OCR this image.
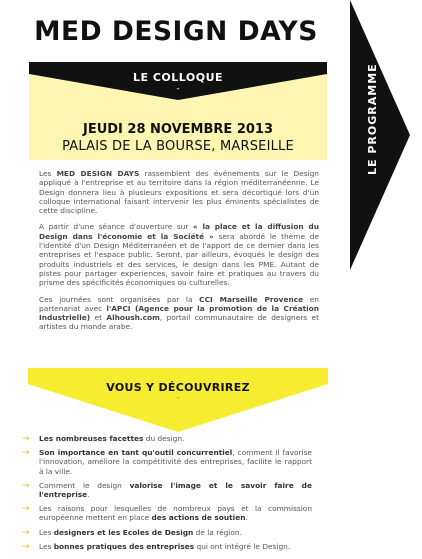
MED DESIGN DAYS
LE PROGRAMME
LE COLLOQUE
-
JEUDI 28 NOVEMBRE 2013
PALAIS DE LA BOURSE, MARSEILLE

Les MED DESIGN DAYS rassemblent des événements sur le Design appliqué à l'entreprise et au territoire dans la région méditerranéenne. Le Design donnera lieu à plusieurs expositions et sera décortiqué lors d'un colloque international faisant intervenir les plus éminents spécialistes de cette discipline.

A partir d'une séance d'ouverture sur « la place et la diffusion du Design dans l'économie et la Société » sera abordé le thème de l'identité d'un Design Méditerranéen et de l'apport de ce dernier dans les entreprises et l'espace public. Seront, par ailleurs, évoqués le design des produits industriels et des services, le design dans les PME. Autant de pistes pour partager experiences, savoir faire et pratiques au travers du prisme des spécificités économiques ou culturelles.

Ces journées sont organisées par la CCI Marseille Provence en partenariat avec l'APCI (Agence pour la promotion de la Création Industrielle) et Alhoush.com, portail communautaire de designers et artistes du monde arabe.

VOUS Y DÉCOUVRIREZ
-
→ Les nombreuses facettes du design.
→ Son importance en tant qu'outil concurrentiel, comment il favorise l'innovation, améliore la compétitivité des entreprises, facilite le rapport à la ville.
→ Comment le design valorise l'image et le savoir faire de l'entreprise.
→ Les raisons pour lesquelles de nombreux pays et la commission européenne mettent en place des actions de soutien.
→ Les designers et les Ecoles de Design de la région.
→ Les bonnes pratiques des entreprises qui ont intégré le Design.
